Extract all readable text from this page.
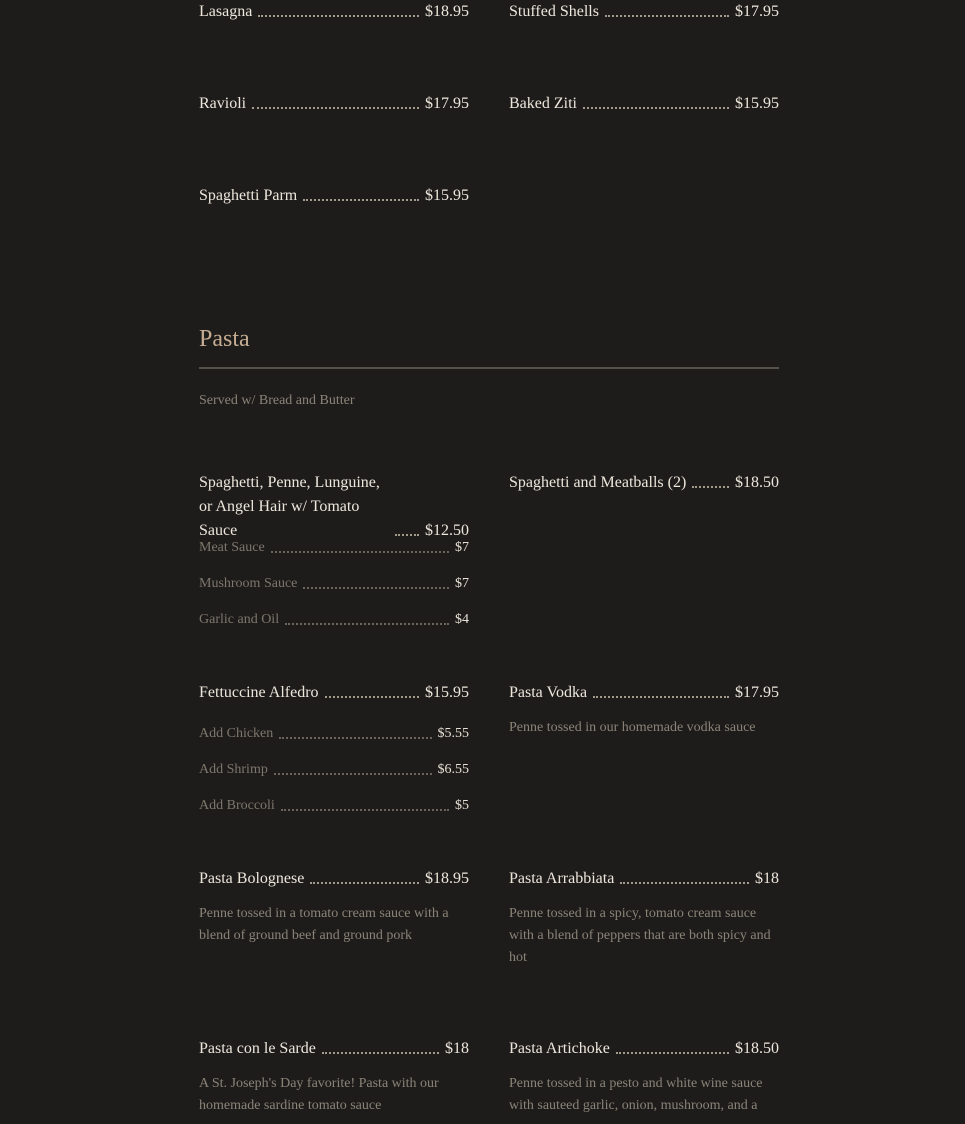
Lasagna	$18.95
Ravioli	$17.95
Spaghetti Parm	$15.95
Stuffed Shells	$17.95
Baked Ziti	$15.95
Pasta
Served w/ Bread and Butter
Spaghetti, Penne, Lunguine, or Angel Hair w/ Tomato Sauce	$12.50
Meat Sauce	$7
Mushroom Sauce	$7
Garlic and Oil	$4
Fettuccine Alfedro	$15.95
Add Chicken	$5.55
Add Shrimp	$6.55
Add Broccoli	$5
Pasta Bolognese	$18.95
Penne tossed in a tomato cream sauce with a blend of ground beef and ground pork
Pasta con le Sarde	$18
A St. Joseph's Day favorite! Pasta with our homemade sardine tomato sauce
Spaghetti and Meatballs (2)	$18.50
Pasta Vodka	$17.95
Penne tossed in our homemade vodka sauce
Pasta Arrabbiata	$18
Penne tossed in a spicy, tomato cream sauce with a blend of peppers that are both spicy and hot
Pasta Artichoke	$18.50
Penne tossed in a pesto and white wine sauce with sauteed garlic, onion, mushroom, and a
